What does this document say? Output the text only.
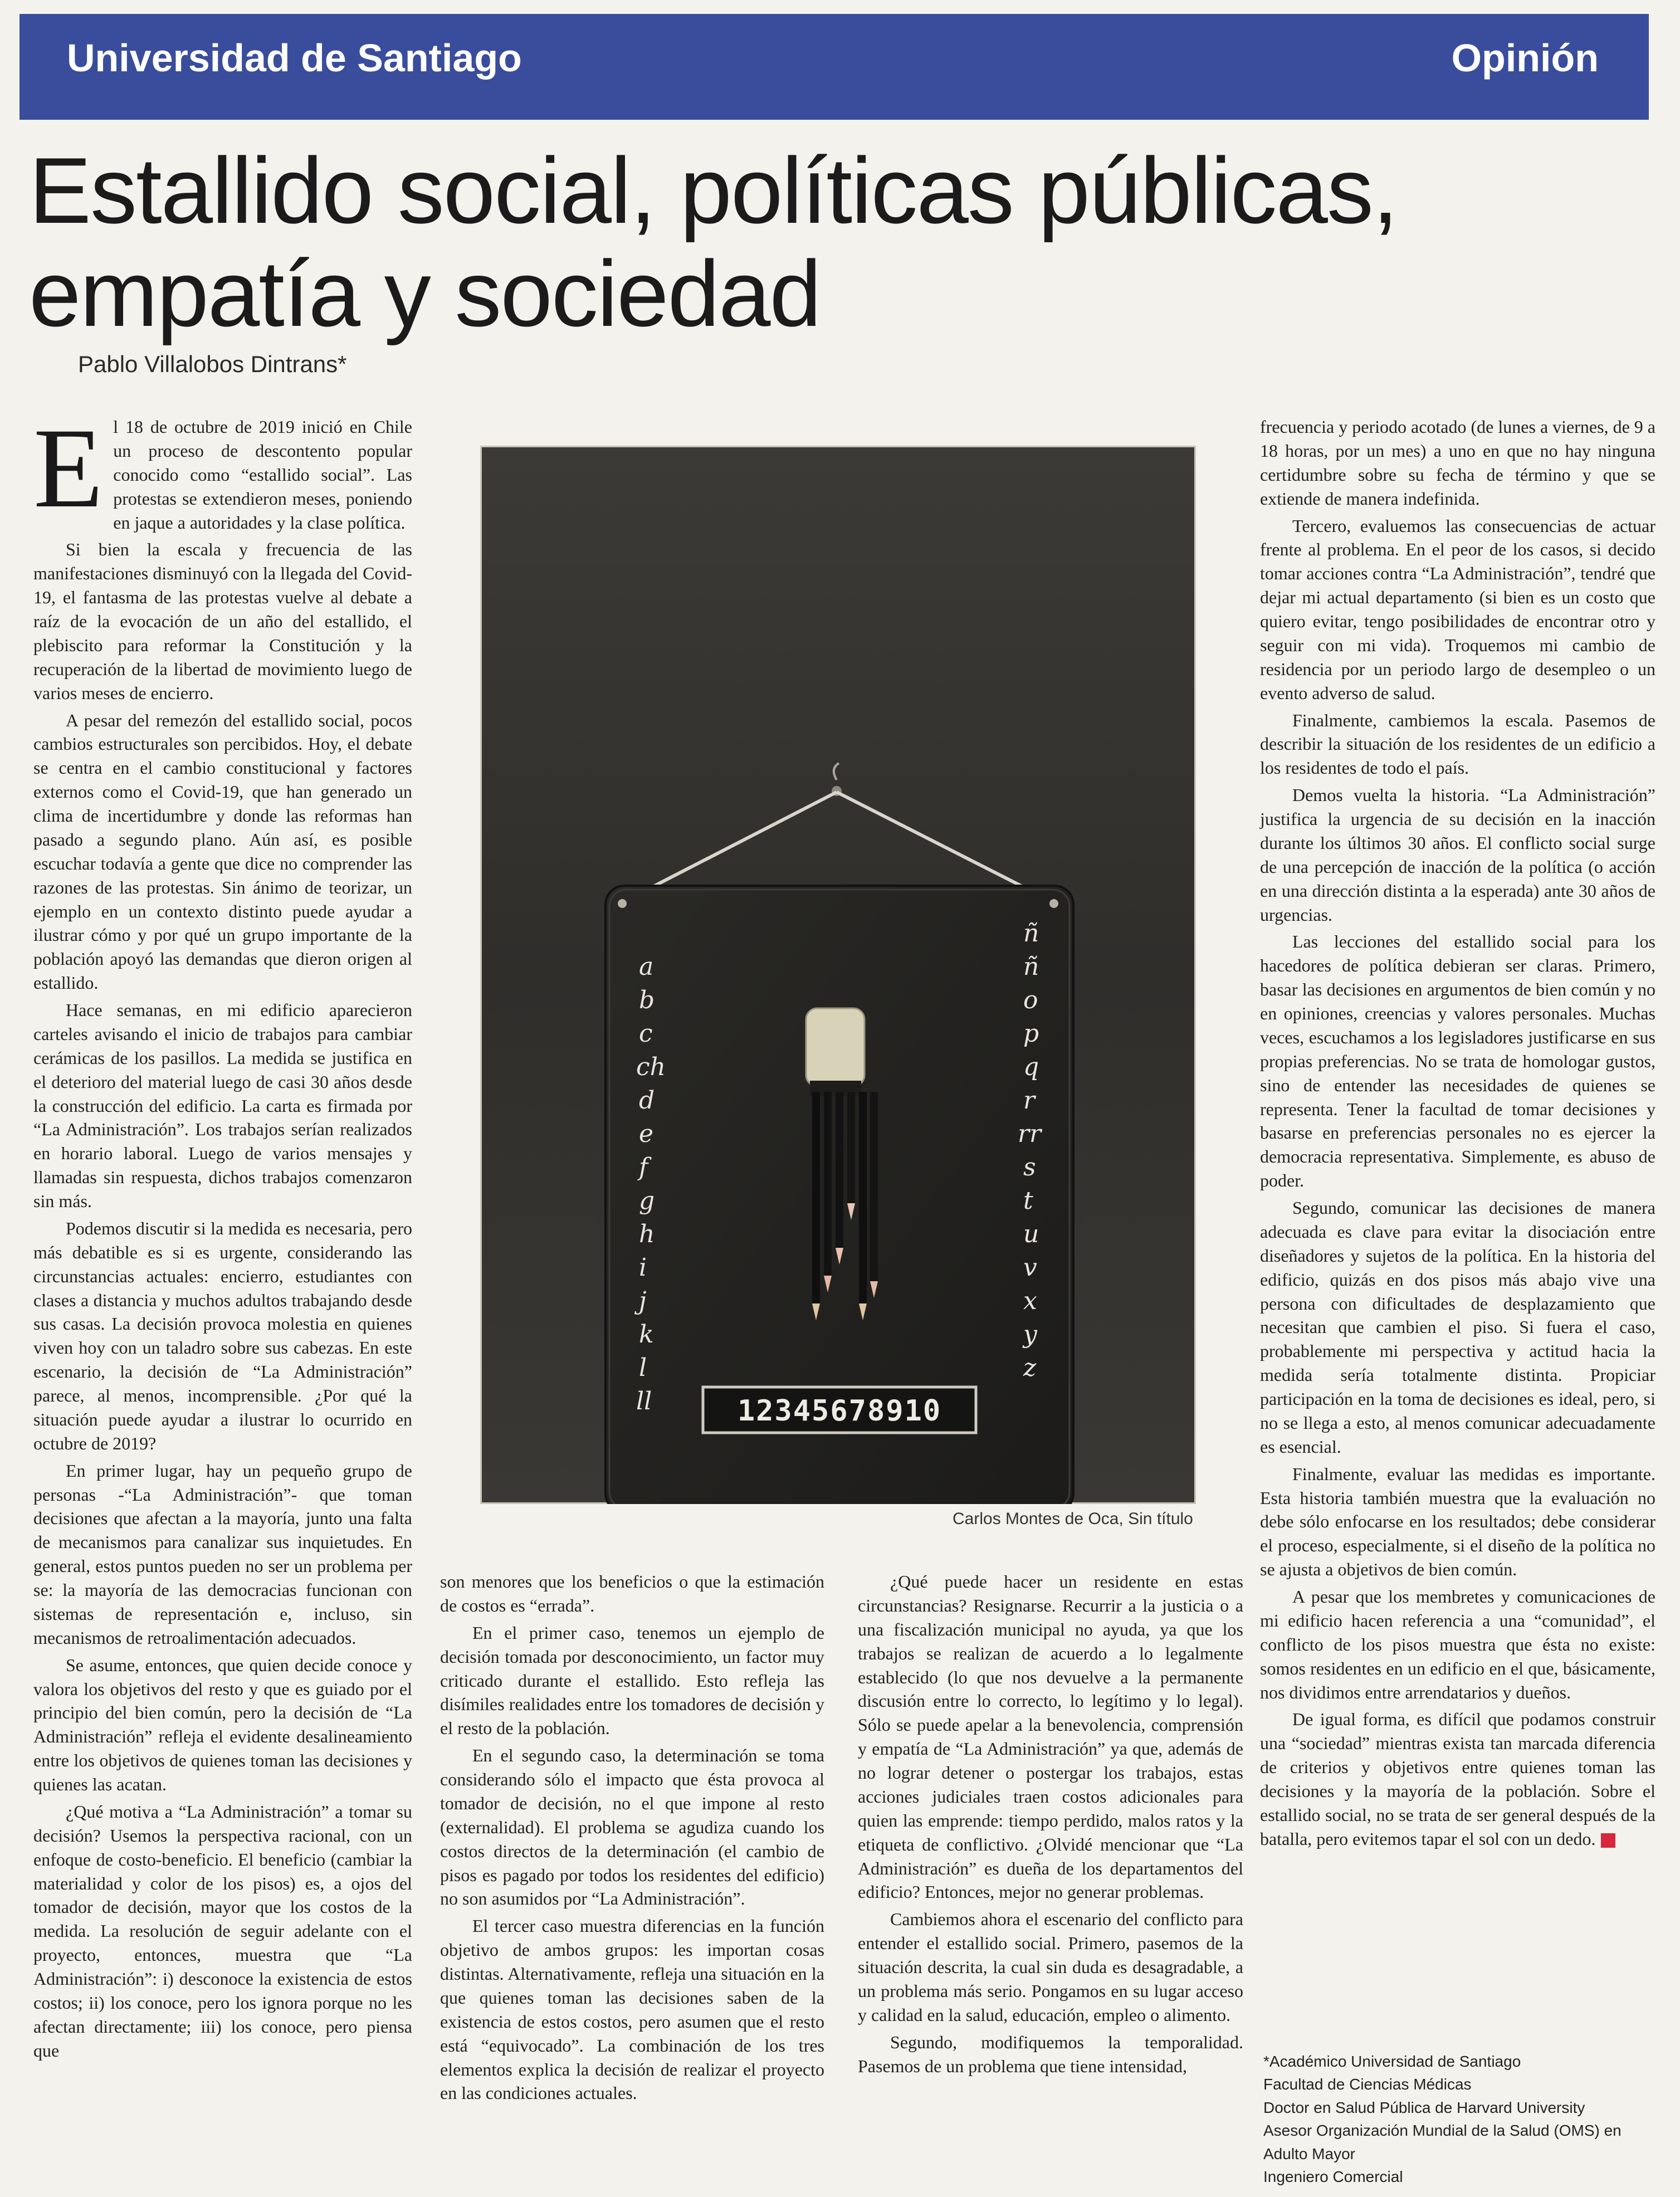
Universidad de Santiago	Opinión
Estallido social, políticas públicas, empatía y sociedad
Pablo Villalobos Dintrans*

El 18 de octubre de 2019 inició en Chile un proceso de descontento popular conocido como “estallido social”. Las protestas se extendieron meses, poniendo en jaque a autoridades y la clase política.

Si bien la escala y frecuencia de las manifestaciones disminuyó con la llegada del Covid-19, el fantasma de las protestas vuelve al debate a raíz de la evocación de un año del estallido, el plebiscito para reformar la Constitución y la recuperación de la libertad de movimiento luego de varios meses de encierro.

A pesar del remezón del estallido social, pocos cambios estructurales son percibidos. Hoy, el debate se centra en el cambio constitucional y factores externos como el Covid-19, que han generado un clima de incertidumbre y donde las reformas han pasado a segundo plano. Aún así, es posible escuchar todavía a gente que dice no comprender las razones de las protestas. Sin ánimo de teorizar, un ejemplo en un contexto distinto puede ayudar a ilustrar cómo y por qué un grupo importante de la población apoyó las demandas que dieron origen al estallido.

Hace semanas, en mi edificio aparecieron carteles avisando el inicio de trabajos para cambiar cerámicas de los pasillos. La medida se justifica en el deterioro del material luego de casi 30 años desde la construcción del edificio. La carta es firmada por “La Administración”. Los trabajos serían realizados en horario laboral. Luego de varios mensajes y llamadas sin respuesta, dichos trabajos comenzaron sin más.

Podemos discutir si la medida es necesaria, pero más debatible es si es urgente, considerando las circunstancias actuales: encierro, estudiantes con clases a distancia y muchos adultos trabajando desde sus casas. La decisión provoca molestia en quienes viven hoy con un taladro sobre sus cabezas. En este escenario, la decisión de “La Administración” parece, al menos, incomprensible. ¿Por qué la situación puede ayudar a ilustrar lo ocurrido en octubre de 2019?

En primer lugar, hay un pequeño grupo de personas -“La Administración”- que toman decisiones que afectan a la mayoría, junto una falta de mecanismos para canalizar sus inquietudes. En general, estos puntos pueden no ser un problema per se: la mayoría de las democracias funcionan con sistemas de representación e, incluso, sin mecanismos de retroalimentación adecuados.

Se asume, entonces, que quien decide conoce y valora los objetivos del resto y que es guiado por el principio del bien común, pero la decisión de “La Administración” refleja el evidente desalineamiento entre los objetivos de quienes toman las decisiones y quienes las acatan.

¿Qué motiva a “La Administración” a tomar su decisión? Usemos la perspectiva racional, con un enfoque de costo-beneficio. El beneficio (cambiar la materialidad y color de los pisos) es, a ojos del tomador de decisión, mayor que los costos de la medida. La resolución de seguir adelante con el proyecto, entonces, muestra que “La Administración”: i) desconoce la existencia de estos costos; ii) los conoce, pero los ignora porque no les afectan directamente; iii) los conoce, pero piensa que

a
b
c
ch
d
e
f
g
h
i
j
k
l
ll
ñ
ñ
o
p
q
r
rr
s
t
u
v
x
y
z
12345678910
Carlos Montes de Oca, Sin título

son menores que los beneficios o que la estimación de costos es “errada”.

En el primer caso, tenemos un ejemplo de decisión tomada por desconocimiento, un factor muy criticado durante el estallido. Esto refleja las disímiles realidades entre los tomadores de decisión y el resto de la población.

En el segundo caso, la determinación se toma considerando sólo el impacto que ésta provoca al tomador de decisión, no el que impone al resto (externalidad). El problema se agudiza cuando los costos directos de la determinación (el cambio de pisos es pagado por todos los residentes del edificio) no son asumidos por “La Administración”.

El tercer caso muestra diferencias en la función objetivo de ambos grupos: les importan cosas distintas. Alternativamente, refleja una situación en la que quienes toman las decisiones saben de la existencia de estos costos, pero asumen que el resto está “equivocado”. La combinación de los tres elementos explica la decisión de realizar el proyecto en las condiciones actuales.

¿Qué puede hacer un residente en estas circunstancias? Resignarse. Recurrir a la justicia o a una fiscalización municipal no ayuda, ya que los trabajos se realizan de acuerdo a lo legalmente establecido (lo que nos devuelve a la permanente discusión entre lo correcto, lo legítimo y lo legal). Sólo se puede apelar a la benevolencia, comprensión y empatía de “La Administración” ya que, además de no lograr detener o postergar los trabajos, estas acciones judiciales traen costos adicionales para quien las emprende: tiempo perdido, malos ratos y la etiqueta de conflictivo. ¿Olvidé mencionar que “La Administración” es dueña de los departamentos del edificio? Entonces, mejor no generar problemas.

Cambiemos ahora el escenario del conflicto para entender el estallido social. Primero, pasemos de la situación descrita, la cual sin duda es desagradable, a un problema más serio. Pongamos en su lugar acceso y calidad en la salud, educación, empleo o alimento.

Segundo, modifiquemos la temporalidad. Pasemos de un problema que tiene intensidad,

frecuencia y periodo acotado (de lunes a viernes, de 9 a 18 horas, por un mes) a uno en que no hay ninguna certidumbre sobre su fecha de término y que se extiende de manera indefinida.

Tercero, evaluemos las consecuencias de actuar frente al problema. En el peor de los casos, si decido tomar acciones contra “La Administración”, tendré que dejar mi actual departamento (si bien es un costo que quiero evitar, tengo posibilidades de encontrar otro y seguir con mi vida). Troquemos mi cambio de residencia por un periodo largo de desempleo o un evento adverso de salud.

Finalmente, cambiemos la escala. Pasemos de describir la situación de los residentes de un edificio a los residentes de todo el país.

Demos vuelta la historia. “La Administración” justifica la urgencia de su decisión en la inacción durante los últimos 30 años. El conflicto social surge de una percepción de inacción de la política (o acción en una dirección distinta a la esperada) ante 30 años de urgencias.

Las lecciones del estallido social para los hacedores de política debieran ser claras. Primero, basar las decisiones en argumentos de bien común y no en opiniones, creencias y valores personales. Muchas veces, escuchamos a los legisladores justificarse en sus propias preferencias. No se trata de homologar gustos, sino de entender las necesidades de quienes se representa. Tener la facultad de tomar decisiones y basarse en preferencias personales no es ejercer la democracia representativa. Simplemente, es abuso de poder.

Segundo, comunicar las decisiones de manera adecuada es clave para evitar la disociación entre diseñadores y sujetos de la política. En la historia del edificio, quizás en dos pisos más abajo vive una persona con dificultades de desplazamiento que necesitan que cambien el piso. Si fuera el caso, probablemente mi perspectiva y actitud hacia la medida sería totalmente distinta. Propiciar participación en la toma de decisiones es ideal, pero, si no se llega a esto, al menos comunicar adecuadamente es esencial.

Finalmente, evaluar las medidas es importante. Esta historia también muestra que la evaluación no debe sólo enfocarse en los resultados; debe considerar el proceso, especialmente, si el diseño de la política no se ajusta a objetivos de bien común.

A pesar que los membretes y comunicaciones de mi edificio hacen referencia a una “comunidad”, el conflicto de los pisos muestra que ésta no existe: somos residentes en un edificio en el que, básicamente, nos dividimos entre arrendatarios y dueños.

De igual forma, es difícil que podamos construir una “sociedad” mientras exista tan marcada diferencia de criterios y objetivos entre quienes toman las decisiones y la mayoría de la población. Sobre el estallido social, no se trata de ser general después de la batalla, pero evitemos tapar el sol con un dedo.

*Académico Universidad de Santiago
Facultad de Ciencias Médicas
Doctor en Salud Pública de Harvard University
Asesor Organización Mundial de la Salud (OMS) en
Adulto Mayor
Ingeniero Comercial
